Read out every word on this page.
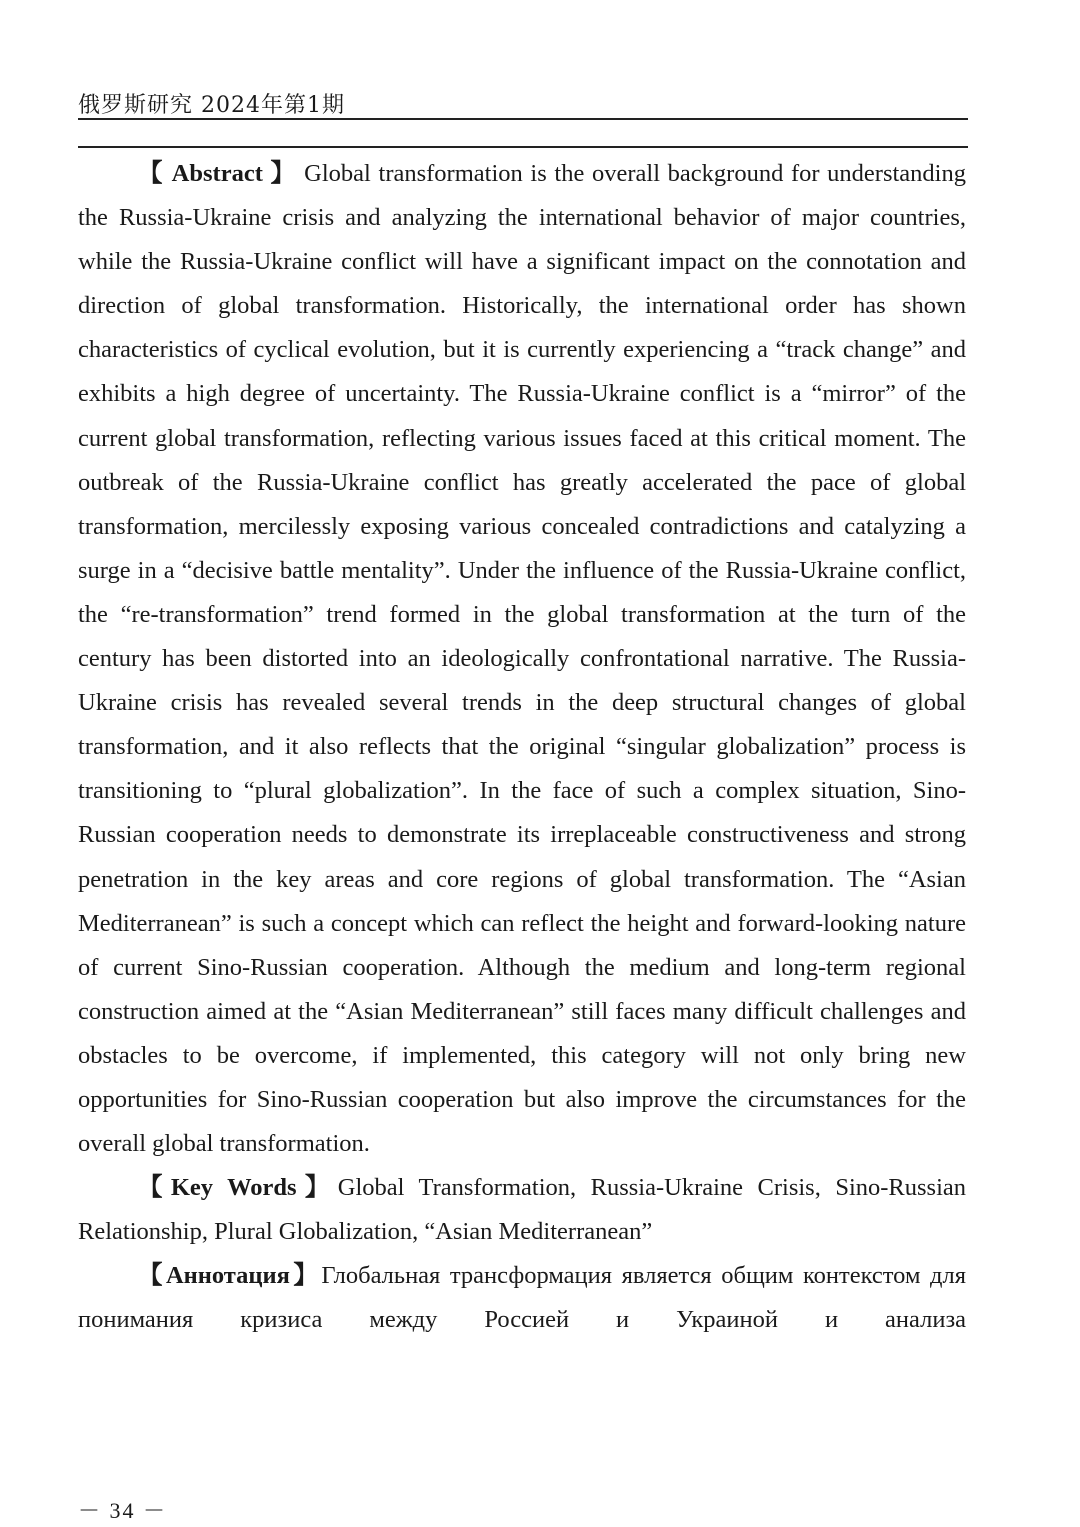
俄罗斯研究 2024年第1期

【 Abstract 】 Global transformation is the overall background for understanding the Russia-Ukraine crisis and analyzing the international behavior of major countries, while the Russia-Ukraine conflict will have a significant impact on the connotation and direction of global transformation. Historically, the international order has shown characteristics of cyclical evolution, but it is currently experiencing a “track change” and exhibits a high degree of uncertainty. The Russia-Ukraine conflict is a “mirror” of the current global transformation, reflecting various issues faced at this critical moment. The outbreak of the Russia-Ukraine conflict has greatly accelerated the pace of global transformation, mercilessly exposing various concealed contradictions and catalyzing a surge in a “decisive battle mentality”. Under the influence of the Russia-Ukraine conflict, the “re-transformation” trend formed in the global transformation at the turn of the century has been distorted into an ideologically confrontational narrative. The Russia-Ukraine crisis has revealed several trends in the deep structural changes of global transformation, and it also reflects that the original “singular globalization” process is transitioning to “plural globalization”. In the face of such a complex situation, Sino-Russian cooperation needs to demonstrate its irreplaceable constructiveness and strong penetration in the key areas and core regions of global transformation. The “Asian Mediterranean” is such a concept which can reflect the height and forward-looking nature of current Sino-Russian cooperation. Although the medium and long-term regional construction aimed at the “Asian Mediterranean” still faces many difficult challenges and obstacles to be overcome, if implemented, this category will not only bring new opportunities for Sino-Russian cooperation but also improve the circumstances for the overall global transformation.

【Key Words】Global Transformation, Russia-Ukraine Crisis, Sino-Russian Relationship, Plural Globalization, “Asian Mediterranean”

【Аннотация】Глобальная трансформация является общим контекстом для понимания кризиса между Россией и Украиной и анализа

－ 34 －
